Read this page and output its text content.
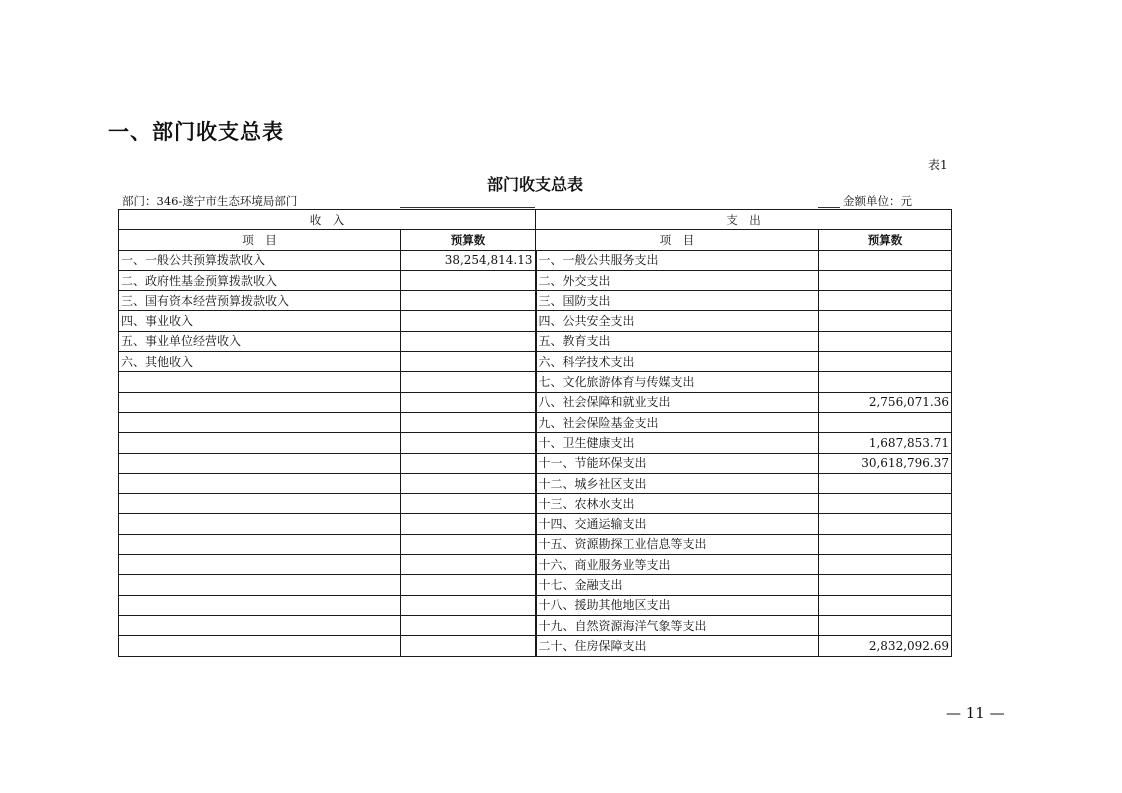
一、部门收支总表
表1
部门收支总表
部门：346-遂宁市生态环境局部门	金额单位：元
收　入		支　出	
项　目	预算数	项　目	预算数
一、一般公共预算拨款收入	38,254,814.13	一、一般公共服务支出	
二、政府性基金预算拨款收入		二、外交支出	
三、国有资本经营预算拨款收入		三、国防支出	
四、事业收入		四、公共安全支出	
五、事业单位经营收入		五、教育支出	
六、其他收入		六、科学技术支出	
		七、文化旅游体育与传媒支出	
		八、社会保障和就业支出	2,756,071.36
		九、社会保险基金支出	
		十、卫生健康支出	1,687,853.71
		十一、节能环保支出	30,618,796.37
		十二、城乡社区支出	
		十三、农林水支出	
		十四、交通运输支出	
		十五、资源勘探工业信息等支出	
		十六、商业服务业等支出	
		十七、金融支出	
		十八、援助其他地区支出	
		十九、自然资源海洋气象等支出	
		二十、住房保障支出	2,832,092.69
— 11 —
